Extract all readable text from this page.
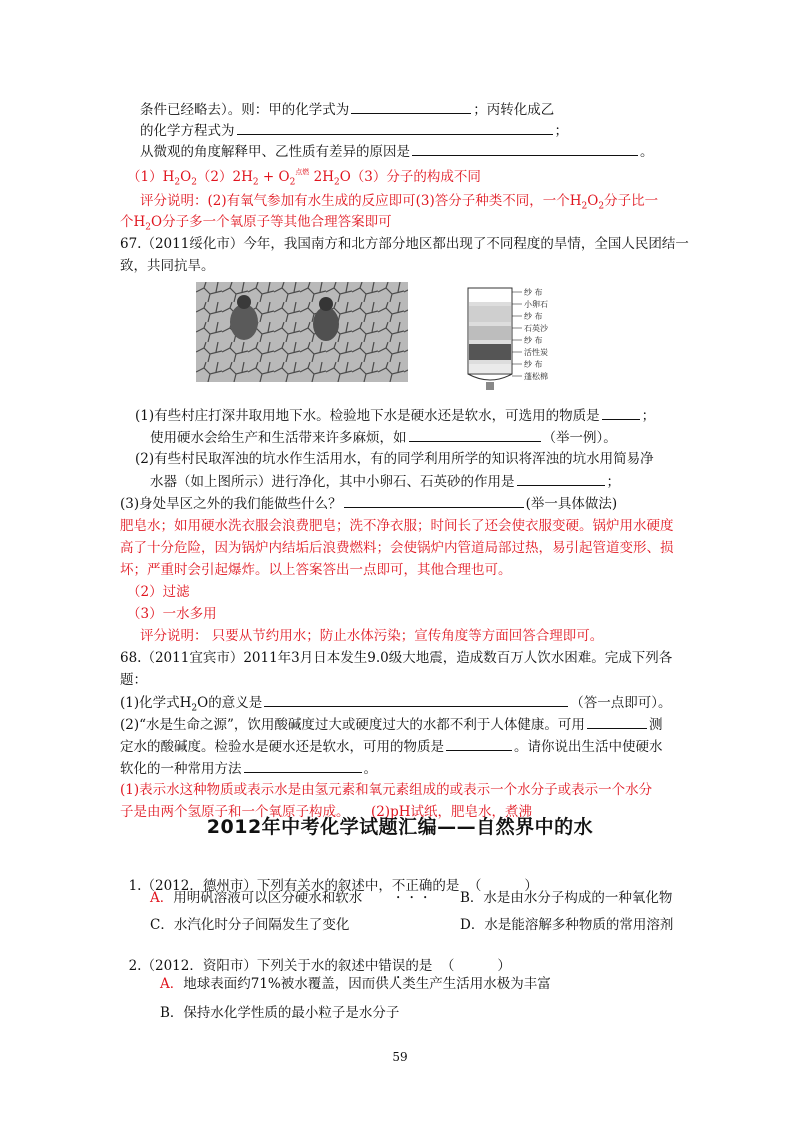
条件已经略去）。则：甲的化学式为	；丙转化成乙
的化学方程式为	；
从微观的角度解释甲、乙性质有差异的原因是	。
$(1)H_2O_2(2)2H_2 + O_2^{点燃}$ $2H_2O(3)$分子的构成不同
评分说明：(2)有氧气参加有水生成的反应即可(3)答分子种类不同，一个$H_2O_2$分子比一
个$H_2O$分子多一个氧原子等其他合理答案即可
67.（2011绥化市）今年，我国南方和北方部分地区都出现了不同程度的旱情，全国人民团结一
致，共同抗旱。
纱 布
小卵石
纱 布
石英沙
纱 布
活性炭
纱 布
蓬松棉
(1)有些村庄打深井取用地下水。检验地下水是硬水还是软水，可选用的物质是	；
使用硬水会给生产和生活带来许多麻烦，如	（举一例）。
(2)有些村民取浑浊的坑水作生活用水，有的同学利用所学的知识将浑浊的坑水用简易净
水器（如上图所示）进行净化，其中小卵石、石英砂的作用是	；
(3)身处旱区之外的我们能做些什么？	(举一具体做法)
肥皂水；如用硬水洗衣服会浪费肥皂；洗不净衣服；时间长了还会使衣服变硬。锅炉用水硬度
高了十分危险，因为锅炉内结垢后浪费燃料；会使锅炉内管道局部过热，易引起管道变形、损
坏；严重时会引起爆炸。以上答案答出一点即可，其他合理也可。
（2）过滤
（3）一水多用
评分说明： 只要从节约用水；防止水体污染；宣传角度等方面回答合理即可。
68.（2011宜宾市）2011年3月日本发生9.0级大地震，造成数百万人饮水困难。完成下列各
题：
(1)化学式$H_2O$的意义是	（答一点即可）。
(2)“水是生命之源”，饮用酸碱度过大或硬度过大的水都不利于人体健康。可用	测
定水的酸碱度。检验水是硬水还是软水，可用的物质是	。请你说出生活中使硬水
软化的一种常用方法	。
(1)表示水这种物质或表示水是由氢元素和氧元素组成的或表示一个水分子或表示一个水分
子是由两个氢原子和一个氧原子构成。     (2)pH试纸，肥皂水，煮沸
2012年中考化学试题汇编——自然界中的水

1.（2012．德州市）下列有关水的叙述中，不正确的是  （          ）

A．用明矾溶液可以区分硬水和软水	B．水是由水分子构成的一种氧化物
C．水汽化时分子间隔发生了变化	D．水是能溶解多种物质的常用溶剂

2.（2012．资阳市）下列关于水的叙述中错误的是  （          ）

A．地球表面约71%被水覆盖，因而供人类生产生活用水极为丰富
B．保持水化学性质的最小粒子是水分子
59
